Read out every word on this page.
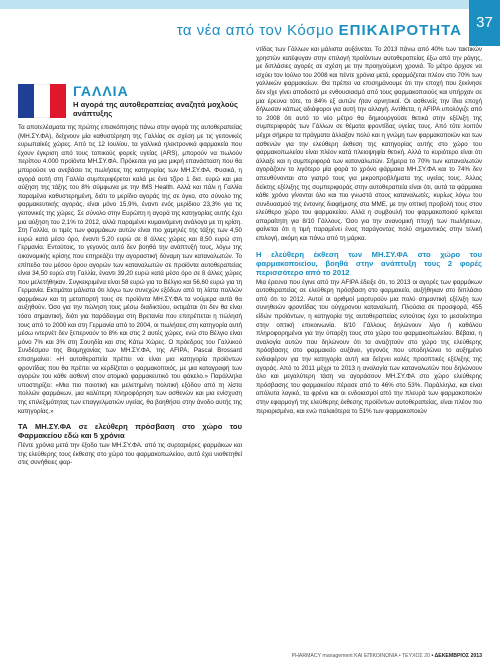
τα νέα από τον Κόσμο ΕΠΙΚΑΙΡΟΤΗΤΑ 37
ΓΑΛΛΙΑ
Η αγορά της αυτοθεραπείας αναζητά μοχλούς ανάπτυξης

Τα αποτελέσματα της πρώτης επισκόπησης πάνω στην αγορά της αυτοθεραπείας (ΜΗ.ΣΥ.ΦΑ), δείχνουν μία καθυστέρηση της Γαλλίας σε σχέση με τις γειτονικές ευρωπαϊκές χώρες. Από τις 12 Ιουλίου, τα γαλλικά ηλεκτρονικά φαρμακεία που έχουν έγκριση από τους τοπικούς φορείς υγείας (ARS), μπορούν να πωλούν περίπου 4.000 προϊόντα ΜΗ.ΣΥ.ΦΑ. Πρόκειται για μια μικρή επανάσταση που θα μπορούσε να ανεβάσει τις πωλήσεις της κατηγορίας των ΜΗ.ΣΥ.ΦΑ. Φυσικά, η αγορά αυτή στη Γαλλία συμπεριφέρεται καλά με ένα τζίρο 1 δισ. ευρώ και μια αύξηση της τάξης του 8% σύμφωνα με την IMS Health. Αλλά και πάλι η Γαλλία παραμένει καθυστερημένη, διότι το μερίδιο αγοράς της σε όγκο, στο σύνολο της φαρμακευτικής αγοράς, είναι μόνο 15,9%, έναντι ενός μερίδιου 23,3% για τις γειτονικές της χώρες. Σε σύνολο στην Ευρώπη η αγορά της κατηγορίας αυτής έχει μια αύξηση του 2,1% το 2012, αλλά παραμένει κυμαινόμενη ανάλογα με τη κρίση. Στη Γαλλία, οι τιμές των φαρμάκων αυτών είναι πιο χαμηλές της τάξης των 4,50 ευρώ κατά μέσο όρο, έναντι 5,20 ευρώ σε 8 άλλες χώρες και 8,50 ευρώ στη Γερμανία. Εντούτοις, το γεγονός αυτό δεν βοηθά την ανάπτυξή τους, λόγω της οικονομικής κρίσης που επηρεάζει την αγοραστική δύναμη των καταναλωτών. Το επίπεδο του μέσου όρου αγορών των καταναλωτών σε προϊόντα αυτοθεραπείας είναι 34,50 ευρώ στη Γαλλία, έναντι 39,20 ευρώ κατά μέσο όρο σε 8 άλλες χώρες που μελετήθηκαν. Συγκεκριμένα είναι 58 ευρώ για το Βέλγιο και 56,60 ευρώ για τη Γερμανία. Εκτιμάται μάλιστα ότι λόγω των συνεχών εξόδων από τη λίστα πολλών φαρμάκων και τη μεταπορτή τους σε προϊόντα ΜΗ.ΣΥ.ΦΑ τα νούμερα αυτά θα αυξηθούν. Όσο για την πώληση τους μέσω διαδικτύου, εκτιμάται ότι δεν θα είναι τόσο σημαντική, διότι για παράδειγμα στη Βρετανία που επιτρέπεται η πώλησή τους από το 2000 και στη Γερμανία από το 2004, οι πωλήσεις στη κατηγορία αυτή μέσω ιντερνέτ δεν ξεπερνούν το 8% και στις 2 αυτές χώρες, ενώ στο Βέλγιο είναι μόνο 7% και 3% στη Σουηδία και στις Κάτω Χώρες. Ο πρόεδρος του Γαλλικού Συνδέσμου της Βιομηχανίας των ΜΗ.ΣΥ.ΦΑ, της AFIPA, Pascal Brossard επισημαίνει: «Η αυτοθεραπεία πρέπει να είναι μια κατηγορία προϊόντων φροντίδας που θα πρέπει να κερδίζεται ο φαρμακοποιός, με μια καταγραφή των αγορών του κάθε ασθενή στον ατομικό φαρμακευτικό του φάκελο.» Παράλληλα υποστηρίζει: «Μια πιο ποιοτική και μελετημένη πολιτική εξόδου από τη λίστα πολλών φαρμάκων, μια καλύτερη πληροφόρηση των ασθενών και μια ενίσχυση της επιλεξιμότητας των επαγγελματιών υγείας, θα βοηθήσει στην άνοδο αυτής της κατηγορίας.»

ΤΑ ΜΗ.ΣΥ.ΦΑ σε ελεύθερη πρόσβαση στο χώρο του Φαρμακείου εδώ και 5 χρόνια

Πέντε χρόνια μετά την έξοδο των ΜΗ.ΣΥ.ΦΑ. από τις συρταριέρες φαρμάκων και της ελεύθερης τους έκθεσης στο χώρο του φαρμακοπωλείου, αυτό έχει υιοθετηθεί στις συνήθειες φαρ-

ντίδας των Γάλλων και μάλιστα αυξάνεται. Το 2013 πάνω από 40% των τακτικών χρηστών κατέφυγαν στην επιλογή προϊόντων αυτοθεραπείας έξω από την ράγης, με διπλάσιες αγορές σε σχέση με την προηγούμενη χρονιά. Το μέτρο άρχισε να ισχύει τον Ιούλιο του 2008 και πέντε χρόνια μετά, εφαρμόζεται πλέον στο 70% των γαλλικών φαρμακείων. Θα πρέπει να επισημάνουμε ότι την εποχή που ξεκίνησε δεν είχε γίνει αποδεκτό με ενθουσιασμό από τους φαρμακοποιούς και υπήρχαν σε μια έρευνα τότε, το 84% εξ αυτών ήταν αρνητικοί. Οι ασθενείς την ίδια εποχή δήλωσαν κάπως αδιάφοροι για αυτή την αλλαγή. Αντίθετα, η AFIPA υπολόγιζε από το 2008 ότι αυτό το νέο μέτρο θα δημιουργούσε θετικά στην εξέλιξη της συμπεριφοράς των Γάλλων σε θέματα φροντίδας υγείας τους. Από τότε λοιπόν μέχρι σήμερα τα πράγματα άλλαξαν πολύ και η γνώμη των φαρμακοποιών και των ασθενών για την ελεύθερη έκθεση της κατηγορίας αυτής στο χώρο του φαρμακοπωλείου είναι πλέον κατά πλειοψηφία θετική. Αλλά το κυριότερο είναι ότι άλλαξε και η συμπεριφορά των καταναλωτών. Σήμερα το 70% των καταναλωτών αγοράζουν το λιγότερο μία φορά το χρόνο φάρμακα ΜΗ.ΣΥ.ΦΑ και το 74% δεν απευθύνονται στο γιατρό τους για μικροπροβλήματα της υγείας τους. Άλλος δείκτης εξέλιξης της συμπεριφοράς στην αυτοθεραπεία είναι ότι, αυτά τα φάρμακα κάθε χρόνο γίνονται όλο και πιο γνωστά στους καταναλωτές, κυρίως λόγω του συνδυασμού της έντονης διαφήμισης στα ΜΜΕ, με την οπτική προβολή τους στον ελεύθερο χώρο του φαρμακείου. Αλλά η συμβουλή του φαρμακοποιού κρίνεται απαραίτητη για 8/10 Γάλλους. Όσο για την ανανομική πτυχή των πωλήσεων, φαίνεται ότι η τιμή παραμένει ένας παράγοντας πολύ σημαντικός στην τελική επιλογή, ακόμη και πάνω από τη μάρκα.

Η ελεύθερη έκθεση των ΜΗ.ΣΥ.ΦΑ στο χώρο του φαρμακοποιείου, βοηθά στην ανάπτυξη τους 2 φορές περισσότερο από το 2012

Μια έρευνα που έγινε από την AFIPA έδειξε ότι, το 2013 οι αγορές των φαρμάκων αυτοθεραπείας σε ελεύθερη πρόσβαση στο φαρμακείο, αυξήθηκαν στο διπλάσιο από ότι το 2012. Αυτοί οι αριθμοί μαρτυρούν μια πολύ σημαντική εξέλιξη των συνηθειών φροντίδας του ούγχρονου καταναλωτή. Πλούσια σε προσφορά, 455 είδών προϊόντων, η κατηγορία της αυτοθεραπείας εντούτοις έχει το μεσοέκτημα στην οπτική επικοινωνία. 8/10 Γάλλους δηλώνουν λίγο ή καθόλου πληροφορημένοι για την ύπαρξη τους στο χώρο του φαρμακοπωλείου. Βέβαια, η αναλογία αυτών που δηλώνουν ότι τα αναζητούν στο χώρο της ελεύθερης πρόσβασης στο φαρμακείο αυξάνει, γεγονός που υποδηλώνει το αυξημένο ενδιαφέρον για την κατηγορία αυτή και δείχνει καλές προοπτικές εξέλιξης της αγοράς. Από το 2011 μέχρι το 2013 η αναλογία των καταναλωτών που δηλώνουν όλο και μεγαλύτερη τάση να αγοράσουν ΜΗ.ΣΥ.ΦΑ στο χώρο ελεύθερης πρόσβασης του φαρμακείου πέρασε από το 46% στο 53%. Παράλληλα, και είναι απόλυτα λογικό, τα φρένα και οι ενδοιασμοί από την πλευρά των φαρμακοποιών στην εφαρμογή της ελεύθερης έκθεσης προϊόντων αυτοθεραπείας, είναι πλέον πιο περιορισμένα, και ενώ παλαιότερα το 51% των φαρμακοποιών

PHARMACY management ΚΑΙ ΕΠΙΚΟΙΝΩΝΙΑ • ΤΕΥΧΟΣ 20 • ΔΕΚΕΜΒΡΙΟΣ 2013
